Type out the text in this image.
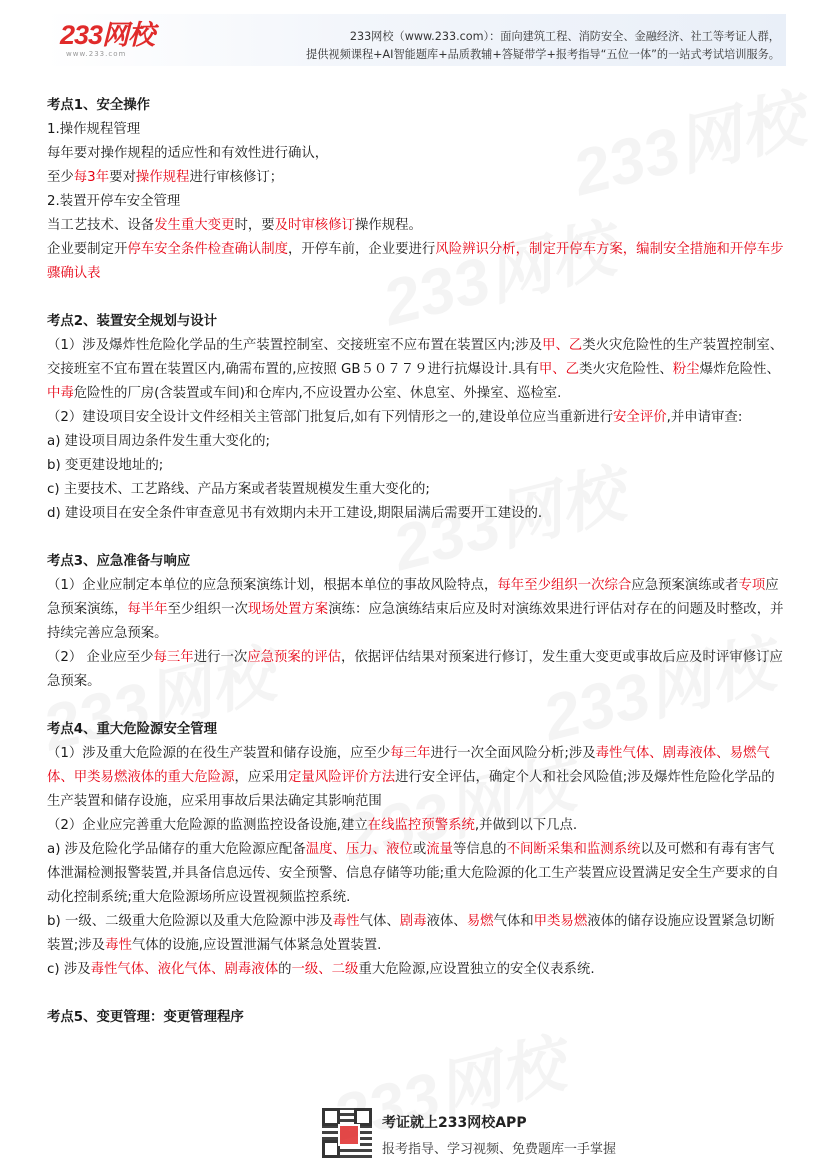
233网校
www.233.com
233网校（www.233.com）：面向建筑工程、消防安全、金融经济、社工等考证人群，
提供视频课程+AI智能题库+品质教辅+答疑带学+报考指导“五位一体”的一站式考试培训服务。

考点1、安全操作

1.操作规程管理

每年要对操作规程的适应性和有效性进行确认，

至少每3年要对操作规程进行审核修订；

2.装置开停车安全管理

当工艺技术、设备发生重大变更时，要及时审核修订操作规程。

企业要制定开停车安全条件检查确认制度，开停车前，企业要进行风险辨识分析，制定开停车方案，编制安全措施和开停车步骤确认表

考点2、装置安全规划与设计

（1）涉及爆炸性危险化学品的生产装置控制室、交接班室不应布置在装置区内;涉及甲、乙类火灾危险性的生产装置控制室、交接班室不宜布置在装置区内,确需布置的,应按照 GB５０７７９进行抗爆设计.具有甲、乙类火灾危险性、粉尘爆炸危险性、中毒危险性的厂房(含装置或车间)和仓库内,不应设置办公室、休息室、外操室、巡检室.

（2）建设项目安全设计文件经相关主管部门批复后,如有下列情形之一的,建设单位应当重新进行安全评价,并申请审查:

a) 建设项目周边条件发生重大变化的;

b) 变更建设地址的;

c) 主要技术、工艺路线、产品方案或者装置规模发生重大变化的;

d) 建设项目在安全条件审查意见书有效期内未开工建设,期限届满后需要开工建设的.

考点3、应急准备与响应

（1）企业应制定本单位的应急预案演练计划，根据本单位的事故风险特点，每年至少组织一次综合应急预案演练或者专项应急预案演练，每半年至少组织一次现场处置方案演练：应急演练结束后应及时对演练效果进行评估对存在的问题及时整改，并持续完善应急预案。

（2） 企业应至少每三年进行一次应急预案的评估，依据评估结果对预案进行修订，发生重大变更或事故后应及时评审修订应急预案。

考点4、重大危险源安全管理

（1）涉及重大危险源的在役生产装置和储存设施，应至少每三年进行一次全面风险分析;涉及毒性气体、剧毒液体、易燃气体、甲类易燃液体的重大危险源，应采用定量风险评价方法进行安全评估，确定个人和社会风险值;涉及爆炸性危险化学品的生产装置和储存设施，应采用事故后果法确定其影响范围

（2）企业应完善重大危险源的监测监控设备设施,建立在线监控预警系统,并做到以下几点.

a) 涉及危险化学品储存的重大危险源应配备温度、压力、液位或流量等信息的不间断采集和监测系统以及可燃和有毒有害气体泄漏检测报警装置,并具备信息远传、安全预警、信息存储等功能;重大危险源的化工生产装置应设置满足安全生产要求的自动化控制系统;重大危险源场所应设置视频监控系统.

b) 一级、二级重大危险源以及重大危险源中涉及毒性气体、剧毒液体、易燃气体和甲类易燃液体的储存设施应设置紧急切断装置;涉及毒性气体的设施,应设置泄漏气体紧急处置装置.

c) 涉及毒性气体、液化气体、剧毒液体的一级、二级重大危险源,应设置独立的安全仪表系统.

考点5、变更管理：变更管理程序

考证就上233网校APP
报考指导、学习视频、免费题库一手掌握
